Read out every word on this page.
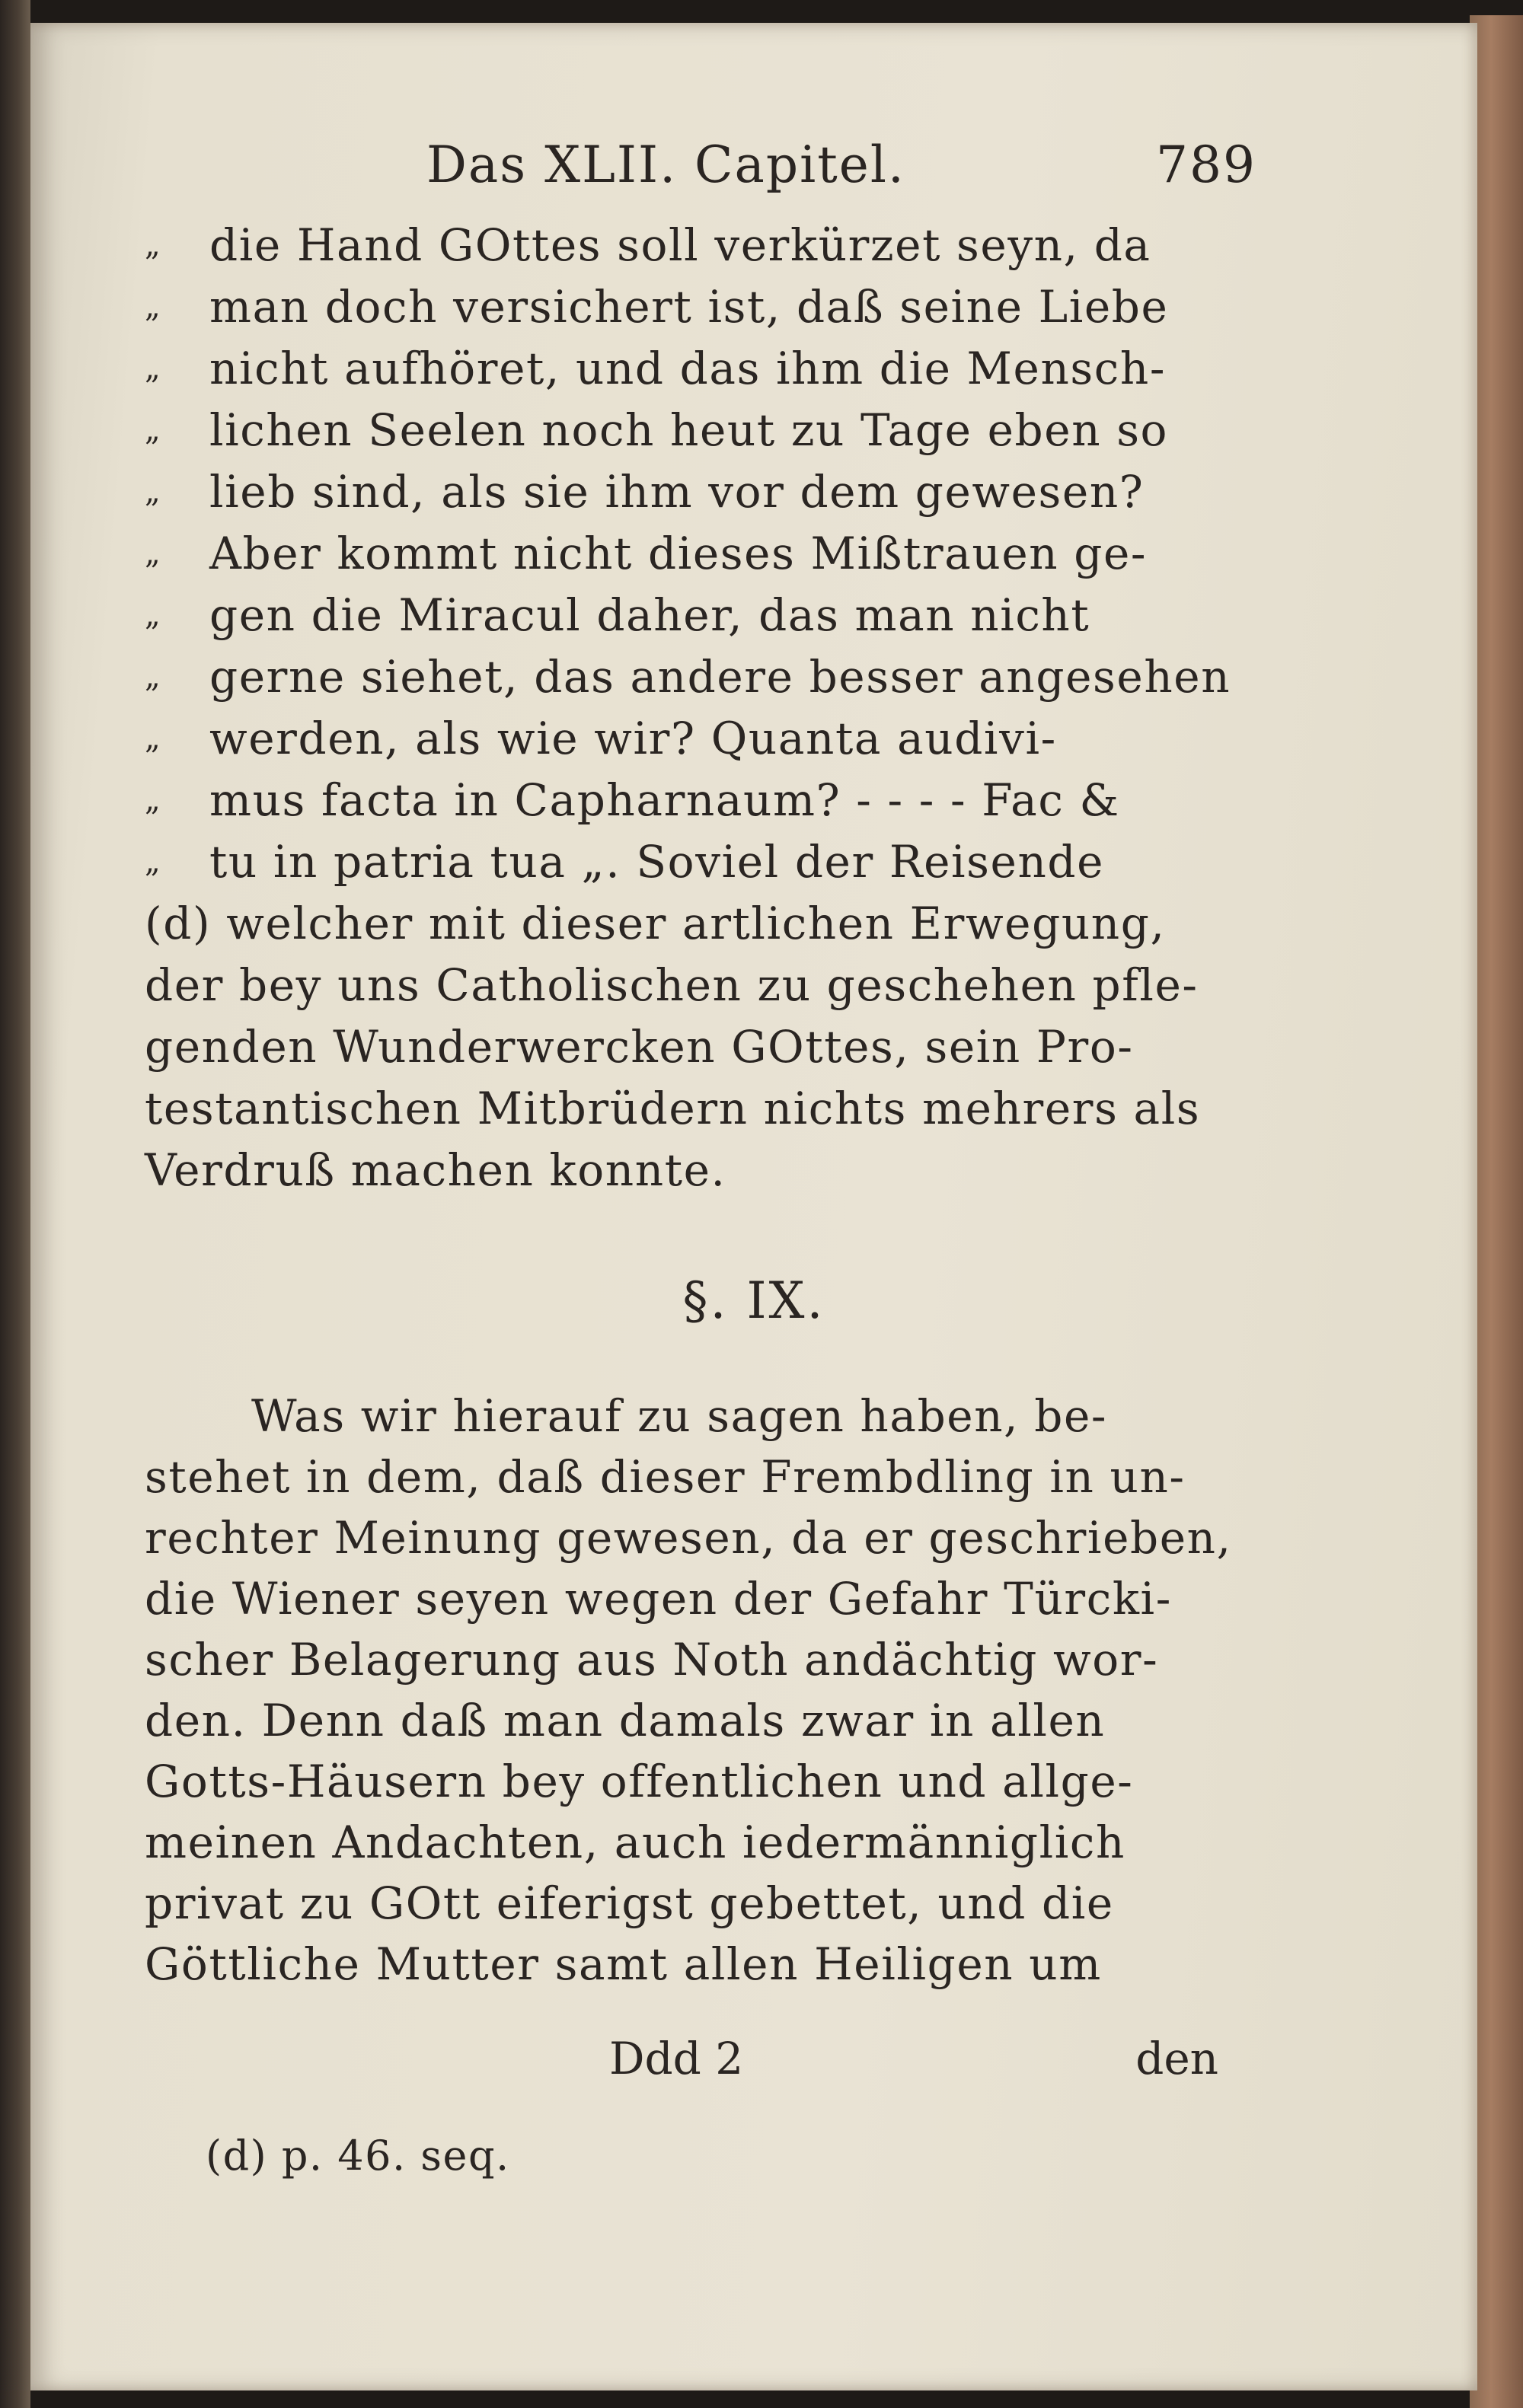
Das XLII. Capitel.	789
„	die Hand GOttes soll verkürzet seyn, da
„	man doch versichert ist, daß seine Liebe
„	nicht aufhöret, und das ihm die Mensch-
„	lichen Seelen noch heut zu Tage eben so
„	lieb sind, als sie ihm vor dem gewesen?
„	Aber kommt nicht dieses Mißtrauen ge-
„	gen die Miracul daher, das man nicht
„	gerne siehet, das andere besser angesehen
„	werden, als wie wir? Quanta audivi-
„	mus facta in Capharnaum? - - - - Fac &
„	tu in patria tua „. Soviel der Reisende
(d) welcher mit dieser artlichen Erwegung,
der bey uns Catholischen zu geschehen pfle-
genden Wunderwercken GOttes, sein Pro-
testantischen Mitbrüdern nichts mehrers als
Verdruß machen konnte.
§. IX.
Was wir hierauf zu sagen haben, be-
stehet in dem, daß dieser Frembdling in un-
rechter Meinung gewesen, da er geschrieben,
die Wiener seyen wegen der Gefahr Türcki-
scher Belagerung aus Noth andächtig wor-
den. Denn daß man damals zwar in allen
Gotts-Häusern bey offentlichen und allge-
meinen Andachten, auch iedermänniglich
privat zu GOtt eiferigst gebettet, und die
Göttliche Mutter samt allen Heiligen um
Ddd 2	den
(d) p. 46. seq.
